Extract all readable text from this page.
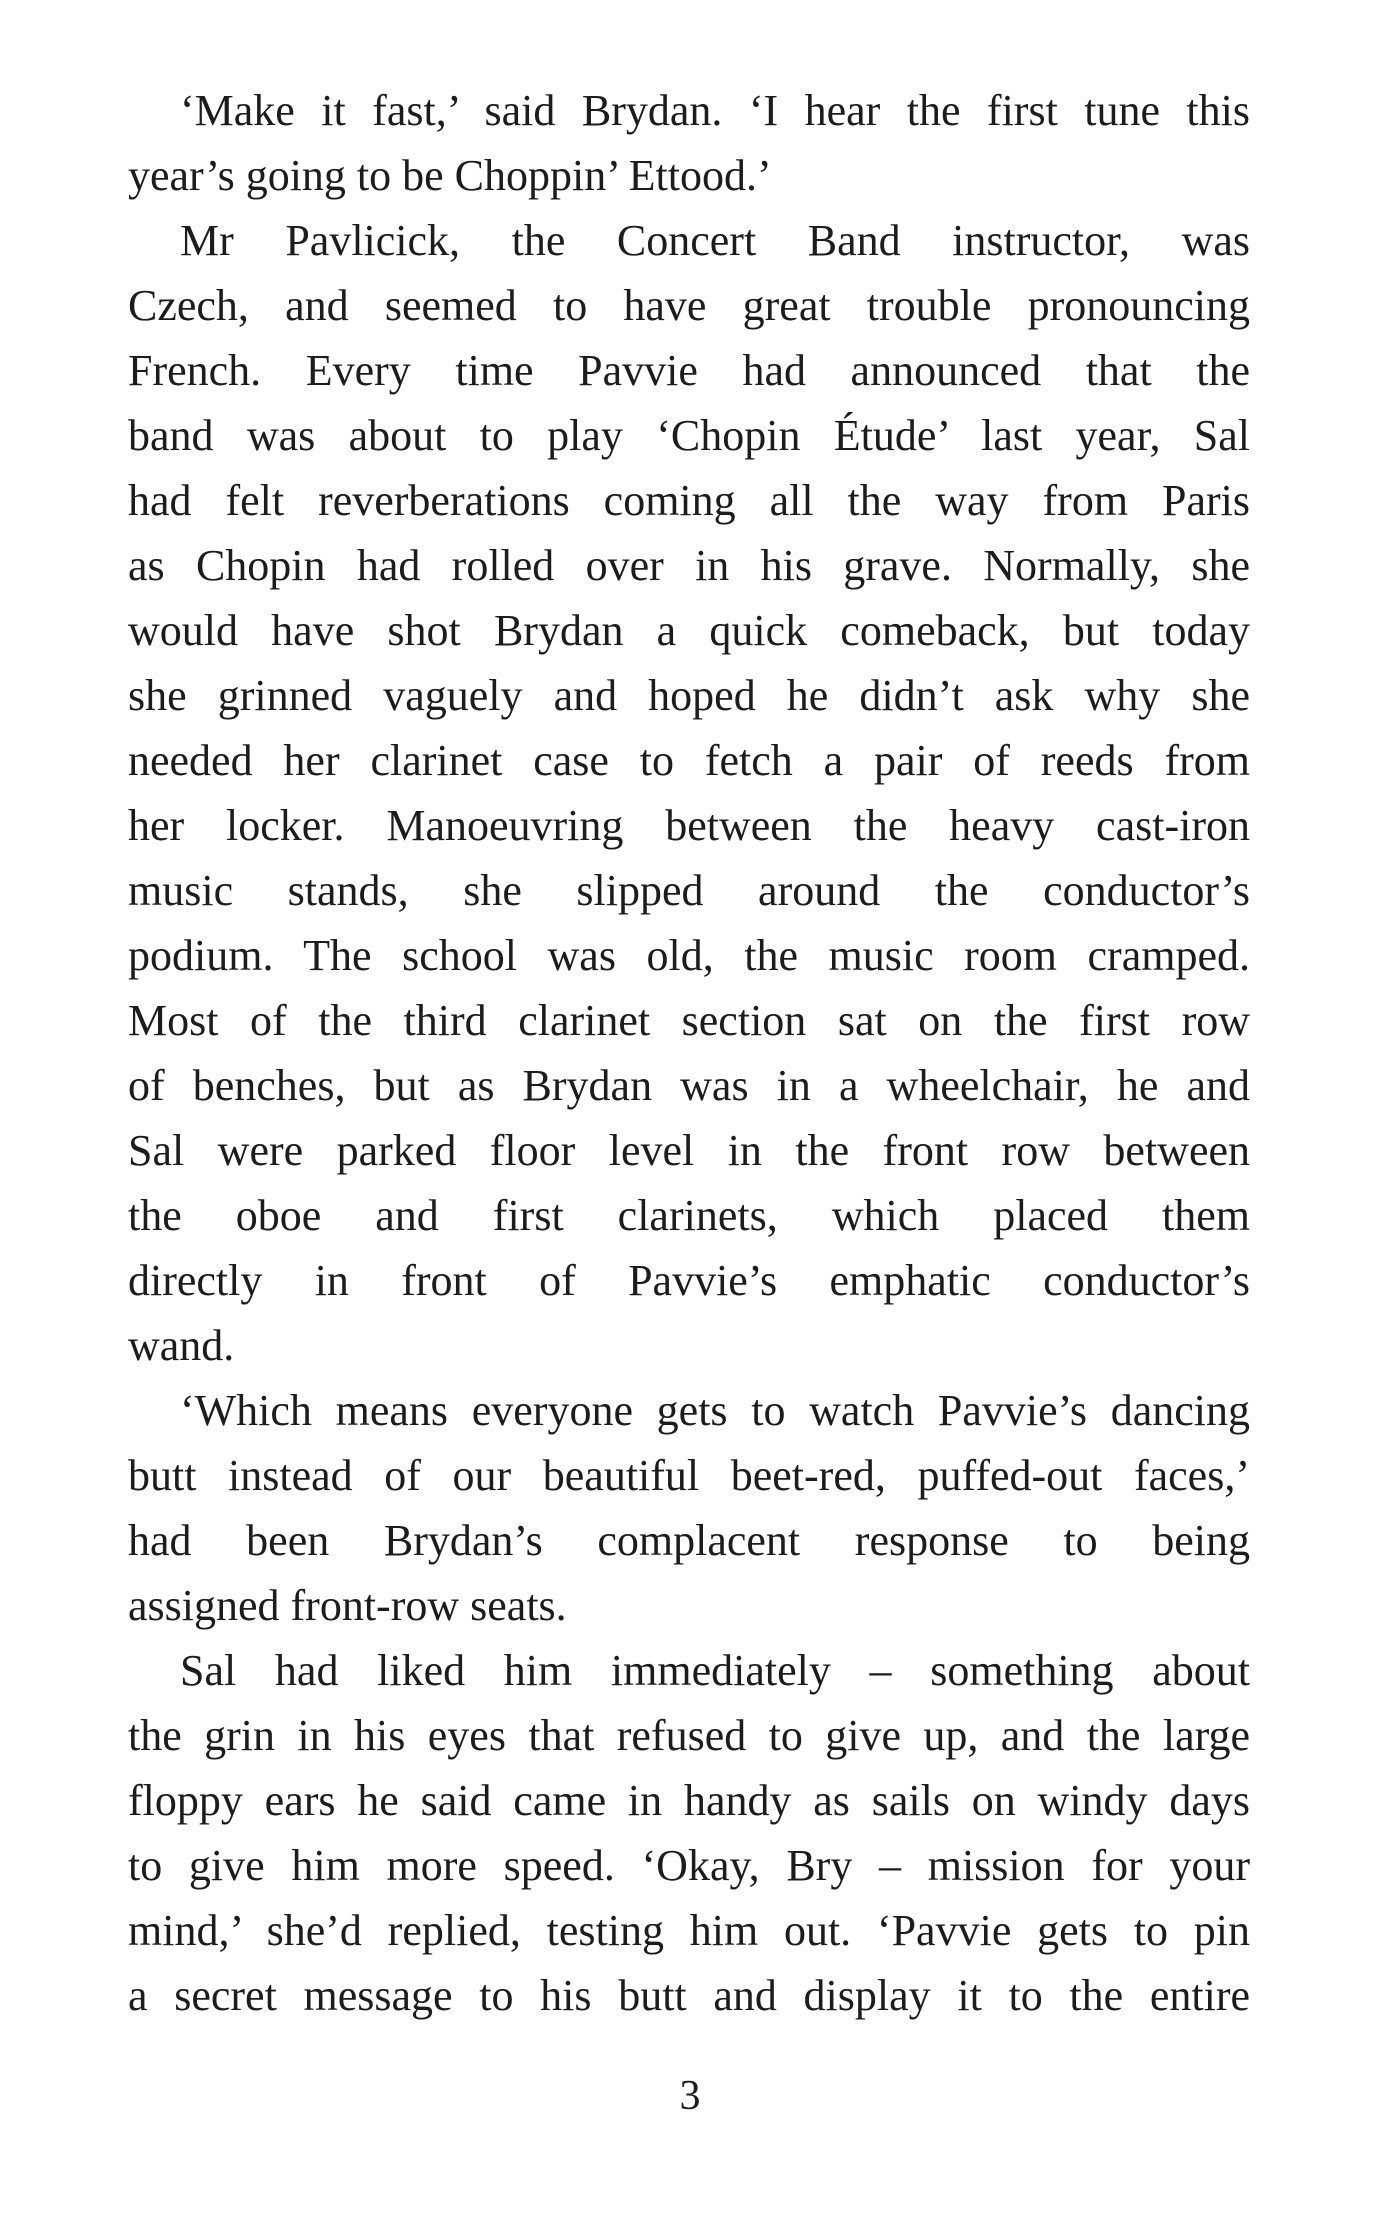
‘Make it fast,’ said Brydan. ‘I hear the first tune this
year’s going to be Choppin’ Ettood.’
Mr Pavlicick, the Concert Band instructor, was
Czech, and seemed to have great trouble pronouncing
French. Every time Pavvie had announced that the
band was about to play ‘Chopin Étude’ last year, Sal
had felt reverberations coming all the way from Paris
as Chopin had rolled over in his grave. Normally, she
would have shot Brydan a quick comeback, but today
she grinned vaguely and hoped he didn’t ask why she
needed her clarinet case to fetch a pair of reeds from
her locker. Manoeuvring between the heavy cast-iron
music stands, she slipped around the conductor’s
podium. The school was old, the music room cramped.
Most of the third clarinet section sat on the first row
of benches, but as Brydan was in a wheelchair, he and
Sal were parked floor level in the front row between
the oboe and first clarinets, which placed them
directly in front of Pavvie’s emphatic conductor’s
wand.
‘Which means everyone gets to watch Pavvie’s dancing
butt instead of our beautiful beet-red, puffed-out faces,’
had been Brydan’s complacent response to being
assigned front-row seats.
Sal had liked him immediately – something about
the grin in his eyes that refused to give up, and the large
floppy ears he said came in handy as sails on windy days
to give him more speed. ‘Okay, Bry – mission for your
mind,’ she’d replied, testing him out. ‘Pavvie gets to pin
a secret message to his butt and display it to the entire
3
